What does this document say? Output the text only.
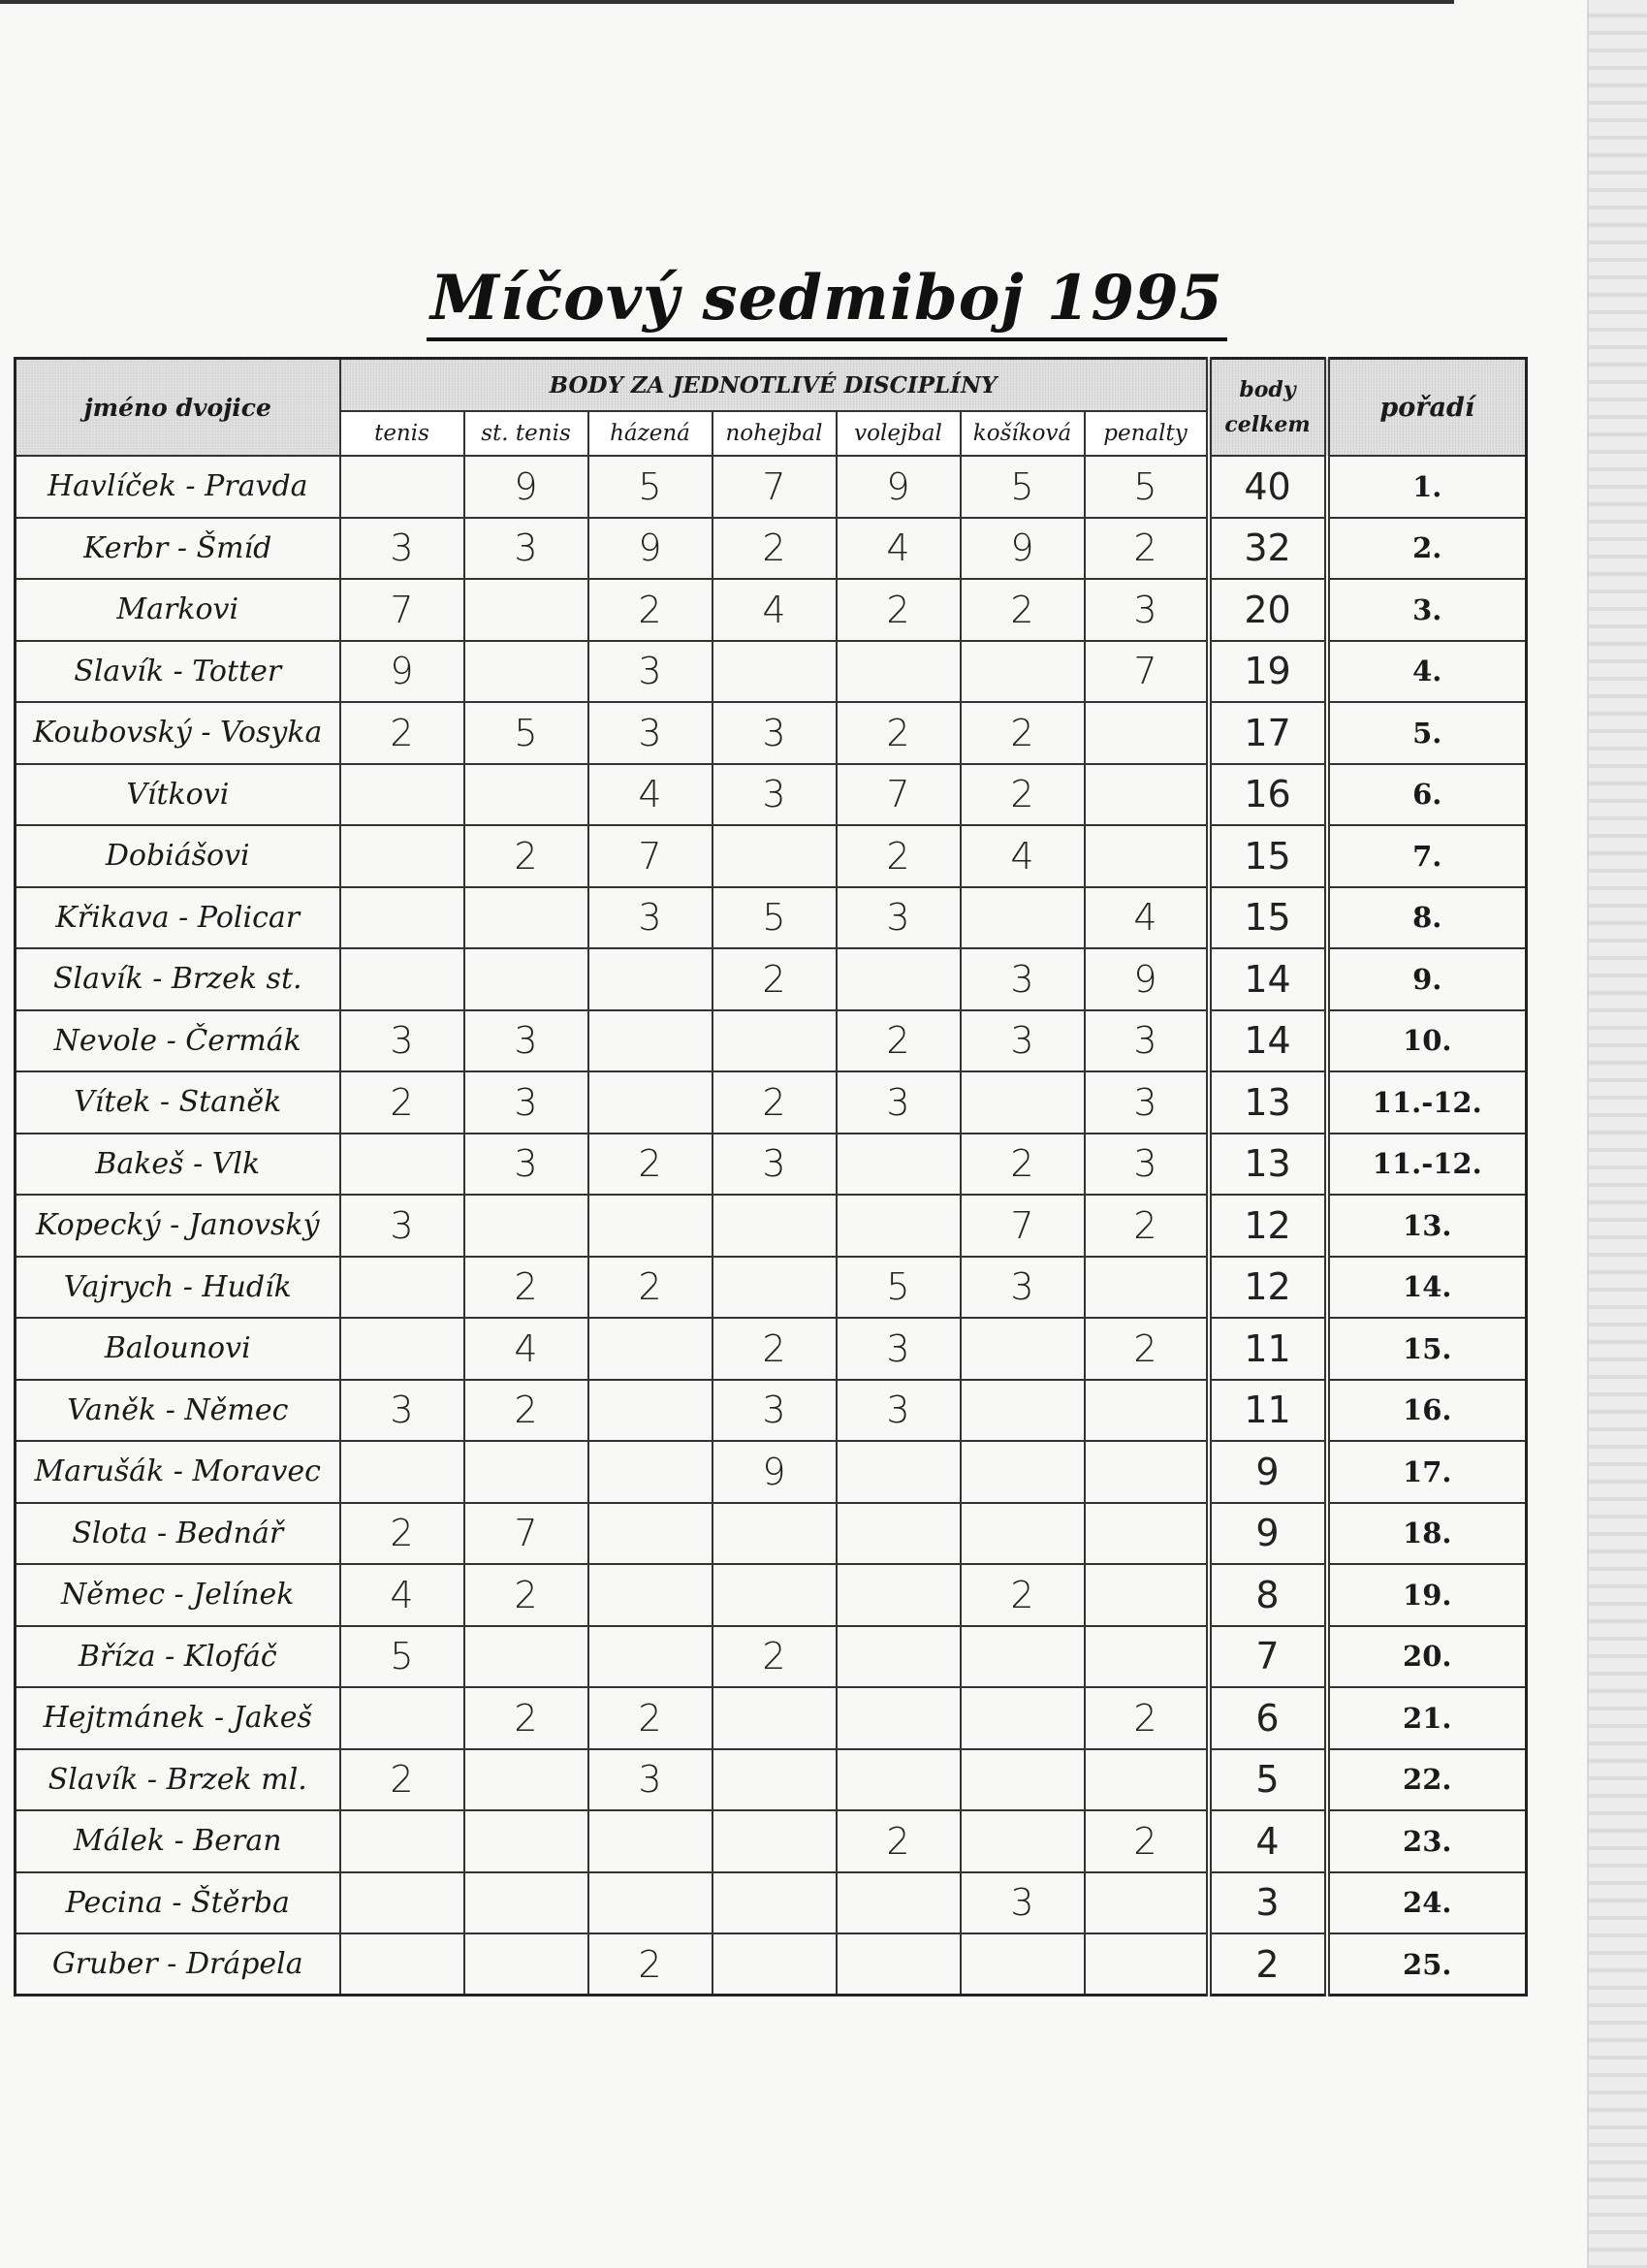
Míčový sedmiboj 1995
jméno dvojice	BODY ZA JEDNOTLIVÉ DISCIPLÍNY							body
celkem	pořadí
	tenis	st. tenis	házená	nohejbal	volejbal	košíková	penalty		
Havlíček - Pravda		9	5	7	9	5	5	40	1.
Kerbr - Šmíd	3	3	9	2	4	9	2	32	2.
Markovi	7		2	4	2	2	3	20	3.
Slavík - Totter	9		3				7	19	4.
Koubovský - Vosyka	2	5	3	3	2	2		17	5.
Vítkovi			4	3	7	2		16	6.
Dobiášovi		2	7		2	4		15	7.
Křikava - Policar			3	5	3		4	15	8.
Slavík - Brzek st.				2		3	9	14	9.
Nevole - Čermák	3	3			2	3	3	14	10.
Vítek - Staněk	2	3		2	3		3	13	11.-12.
Bakeš - Vlk		3	2	3		2	3	13	11.-12.
Kopecký - Janovský	3					7	2	12	13.
Vajrych - Hudík		2	2		5	3		12	14.
Balounovi		4		2	3		2	11	15.
Vaněk - Němec	3	2		3	3			11	16.
Marušák - Moravec				9				9	17.
Slota - Bednář	2	7						9	18.
Němec - Jelínek	4	2				2		8	19.
Bříza - Klofáč	5			2				7	20.
Hejtmánek - Jakeš		2	2				2	6	21.
Slavík - Brzek ml.	2		3					5	22.
Málek - Beran					2		2	4	23.
Pecina - Štěrba						3		3	24.
Gruber - Drápela			2					2	25.
